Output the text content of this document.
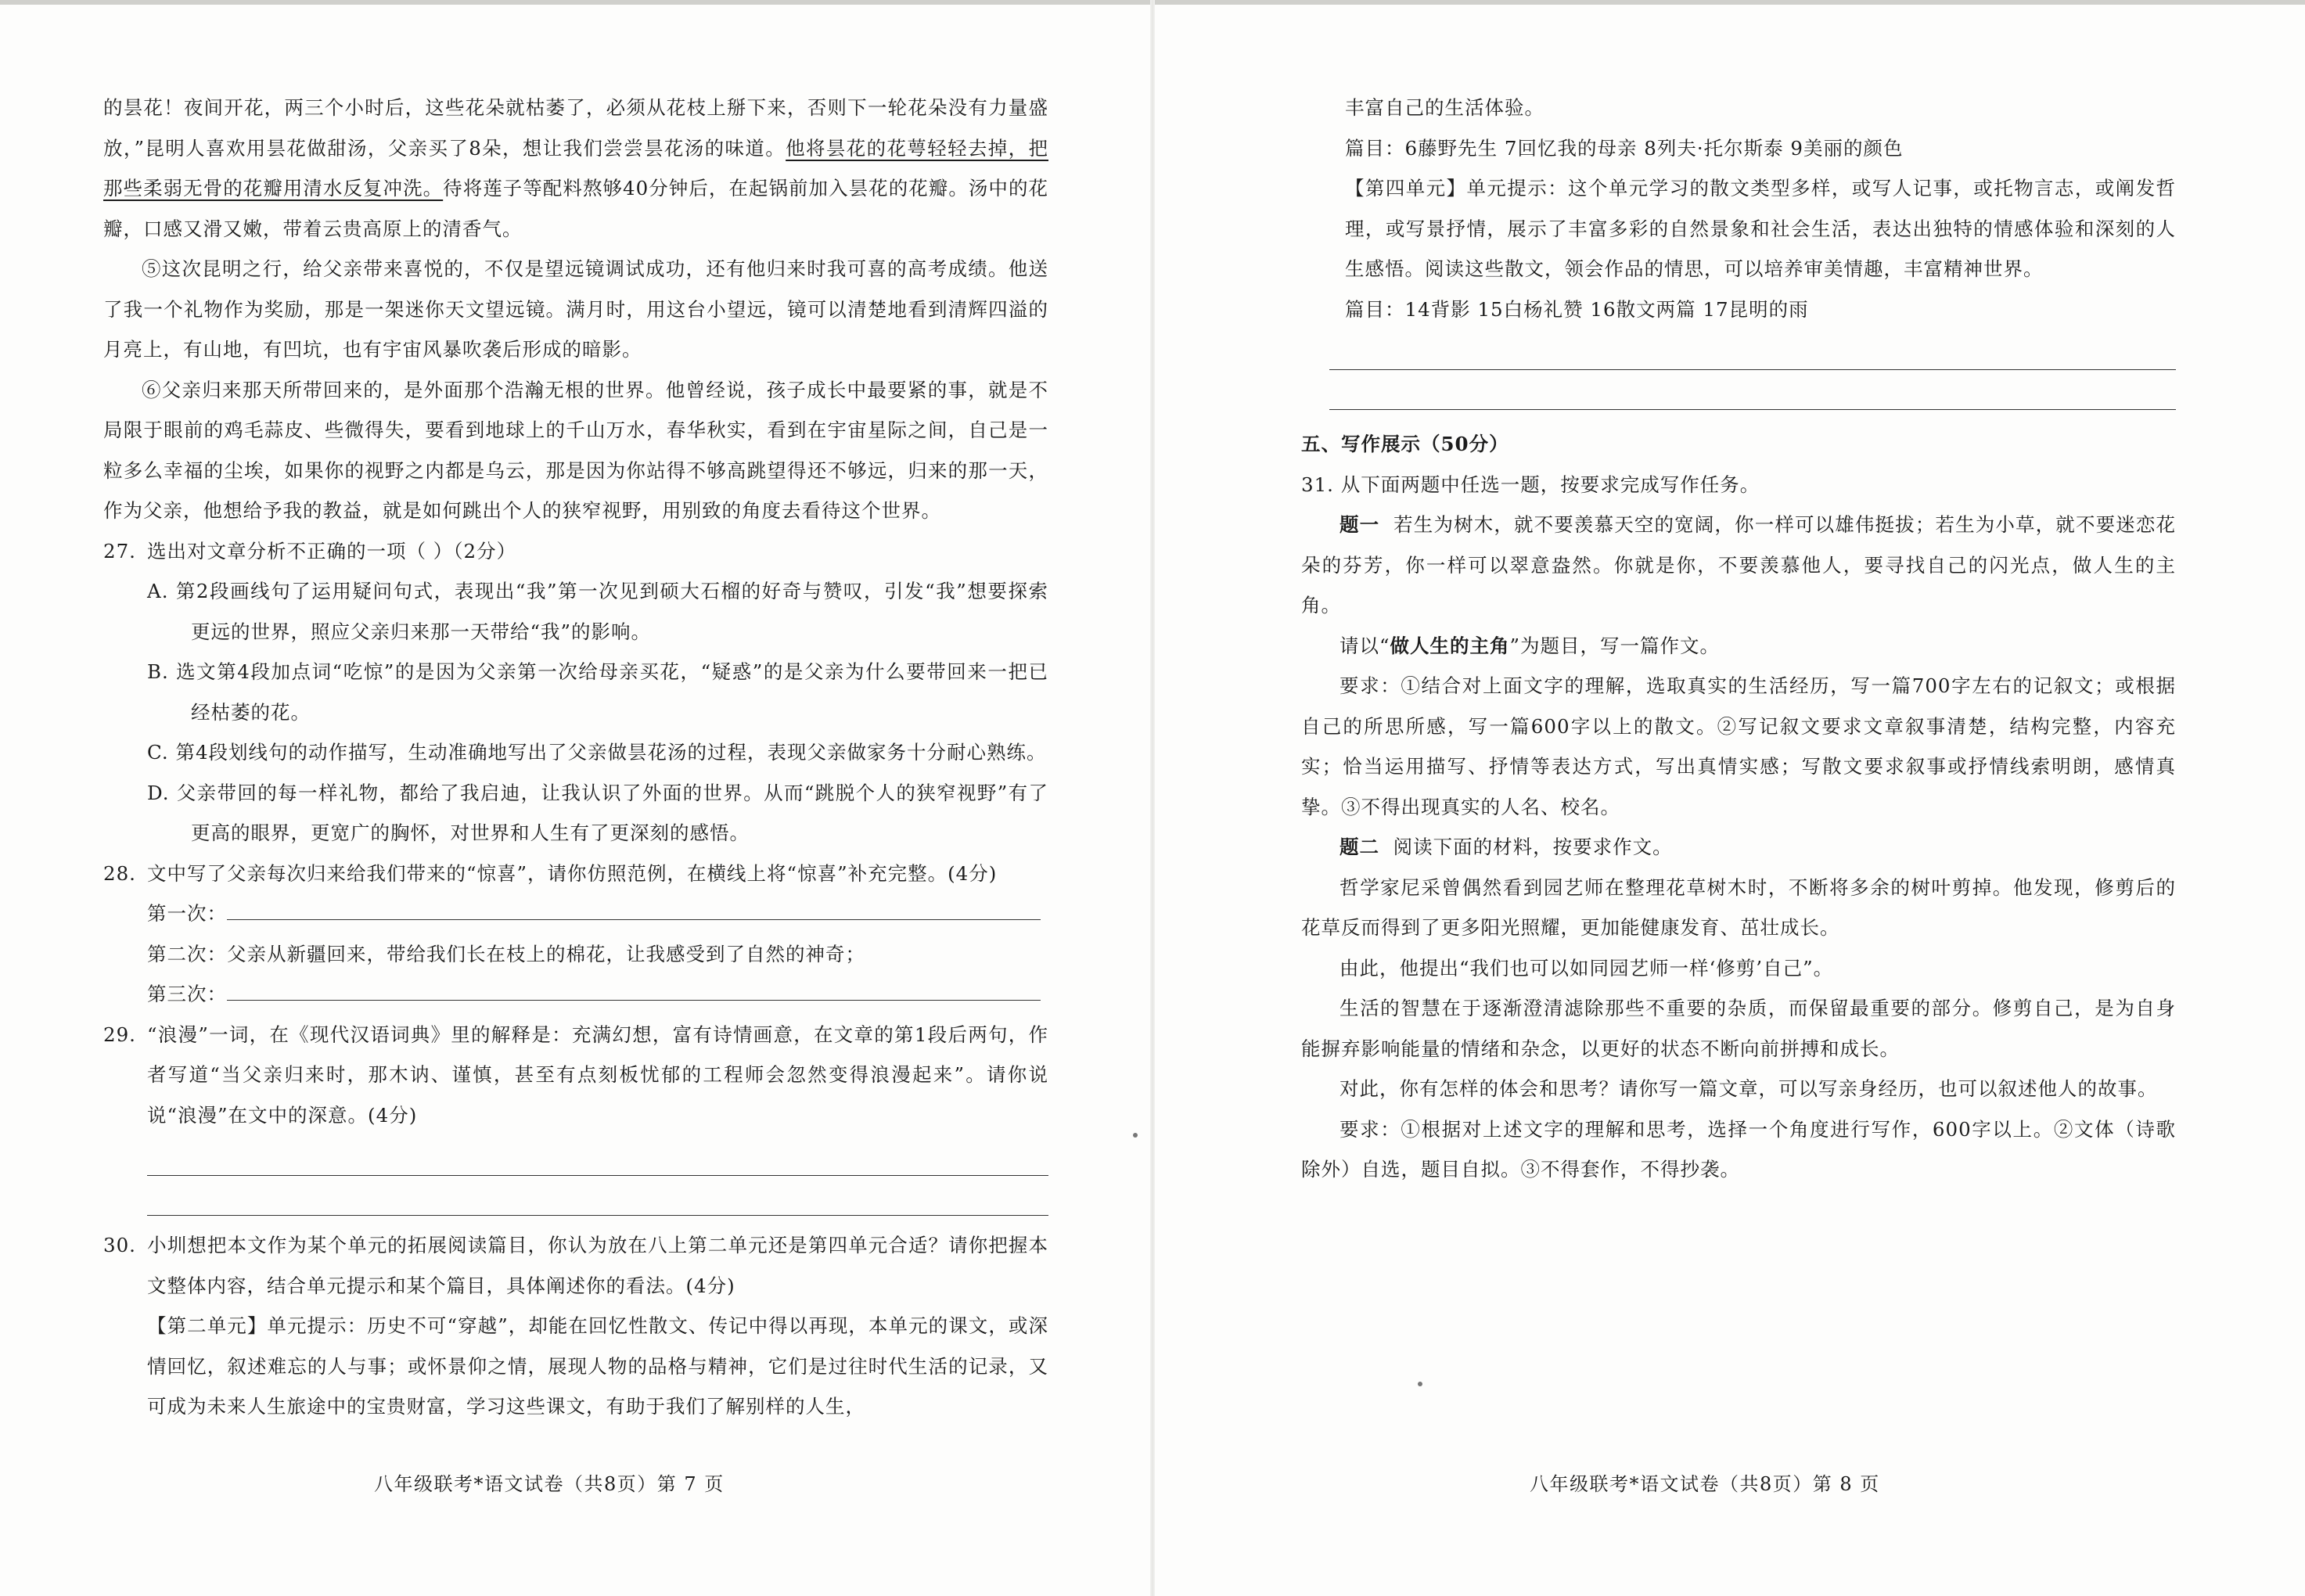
的昙花！夜间开花，两三个小时后，这些花朵就枯萎了，必须从花枝上掰下来，否则下一轮花朵没有力量盛放，”昆明人喜欢用昙花做甜汤，父亲买了8朵，想让我们尝尝昙花汤的味道。他将昙花的花萼轻轻去掉，把那些柔弱无骨的花瓣用清水反复冲洗。待将莲子等配料熬够40分钟后，在起锅前加入昙花的花瓣。汤中的花瓣，口感又滑又嫩，带着云贵高原上的清香气。

⑤这次昆明之行，给父亲带来喜悦的，不仅是望远镜调试成功，还有他归来时我可喜的高考成绩。他送了我一个礼物作为奖励，那是一架迷你天文望远镜。满月时，用这台小望远，镜可以清楚地看到清辉四溢的月亮上，有山地，有凹坑，也有宇宙风暴吹袭后形成的暗影。

⑥父亲归来那天所带回来的，是外面那个浩瀚无根的世界。他曾经说，孩子成长中最要紧的事，就是不局限于眼前的鸡毛蒜皮、些微得失，要看到地球上的千山万水，春华秋实，看到在宇宙星际之间，自己是一粒多么幸福的尘埃，如果你的视野之内都是乌云，那是因为你站得不够高跳望得还不够远，归来的那一天，作为父亲，他想给予我的教益，就是如何跳出个人的狭窄视野，用别致的角度去看待这个世界。

27. 选出对文章分析不正确的一项（ ）（2分）

A. 第2段画线句了运用疑问句式，表现出“我”第一次见到硕大石榴的好奇与赞叹，引发“我”想要探索更远的世界，照应父亲归来那一天带给“我”的影响。

B. 选文第4段加点词“吃惊”的是因为父亲第一次给母亲买花，“疑惑”的是父亲为什么要带回来一把已经枯萎的花。

C. 第4段划线句的动作描写，生动准确地写出了父亲做昙花汤的过程，表现父亲做家务十分耐心熟练。

D. 父亲带回的每一样礼物，都给了我启迪，让我认识了外面的世界。从而“跳脱个人的狭窄视野”有了更高的眼界，更宽广的胸怀，对世界和人生有了更深刻的感悟。

28. 文中写了父亲每次归来给我们带来的“惊喜”，请你仿照范例，在横线上将“惊喜”补充完整。(4分)

第一次：

第二次：父亲从新疆回来，带给我们长在枝上的棉花，让我感受到了自然的神奇；

第三次：

29. “浪漫”一词，在《现代汉语词典》里的解释是：充满幻想，富有诗情画意，在文章的第1段后两句，作者写道“当父亲归来时，那木讷、谨慎，甚至有点刻板忧郁的工程师会忽然变得浪漫起来”。请你说说“浪漫”在文中的深意。(4分)

30. 小圳想把本文作为某个单元的拓展阅读篇目，你认为放在八上第二单元还是第四单元合适？请你把握本文整体内容，结合单元提示和某个篇目，具体阐述你的看法。(4分)

【第二单元】单元提示：历史不可“穿越”，却能在回忆性散文、传记中得以再现，本单元的课文，或深情回忆，叙述难忘的人与事；或怀景仰之情，展现人物的品格与精神，它们是过往时代生活的记录，又可成为未来人生旅途中的宝贵财富，学习这些课文，有助于我们了解别样的人生，

八年级联考*语文试卷（共8页）第 7 页

丰富自己的生活体验。

篇目：6藤野先生 7回忆我的母亲 8列夫·托尔斯泰 9美丽的颜色

【第四单元】单元提示：这个单元学习的散文类型多样，或写人记事，或托物言志，或阐发哲理，或写景抒情，展示了丰富多彩的自然景象和社会生活，表达出独特的情感体验和深刻的人生感悟。阅读这些散文，领会作品的情思，可以培养审美情趣，丰富精神世界。

篇目：14背影 15白杨礼赞 16散文两篇 17昆明的雨

五、写作展示（50分）

31. 从下面两题中任选一题，按要求完成写作任务。

题一 若生为树木，就不要羡慕天空的宽阔，你一样可以雄伟挺拔；若生为小草，就不要迷恋花朵的芬芳，你一样可以翠意盎然。你就是你，不要羡慕他人，要寻找自己的闪光点，做人生的主角。

请以“做人生的主角”为题目，写一篇作文。

要求：①结合对上面文字的理解，选取真实的生活经历，写一篇700字左右的记叙文；或根据自己的所思所感，写一篇600字以上的散文。②写记叙文要求文章叙事清楚，结构完整，内容充实；恰当运用描写、抒情等表达方式，写出真情实感；写散文要求叙事或抒情线索明朗，感情真挚。③不得出现真实的人名、校名。

题二 阅读下面的材料，按要求作文。

哲学家尼采曾偶然看到园艺师在整理花草树木时，不断将多余的树叶剪掉。他发现，修剪后的花草反而得到了更多阳光照耀，更加能健康发育、茁壮成长。

由此，他提出“我们也可以如同园艺师一样‘修剪’自己”。

生活的智慧在于逐渐澄清滤除那些不重要的杂质，而保留最重要的部分。修剪自己，是为自身能摒弃影响能量的情绪和杂念，以更好的状态不断向前拼搏和成长。

对此，你有怎样的体会和思考？请你写一篇文章，可以写亲身经历，也可以叙述他人的故事。

要求：①根据对上述文字的理解和思考，选择一个角度进行写作，600字以上。②文体（诗歌除外）自选，题目自拟。③不得套作，不得抄袭。

八年级联考*语文试卷（共8页）第 8 页
